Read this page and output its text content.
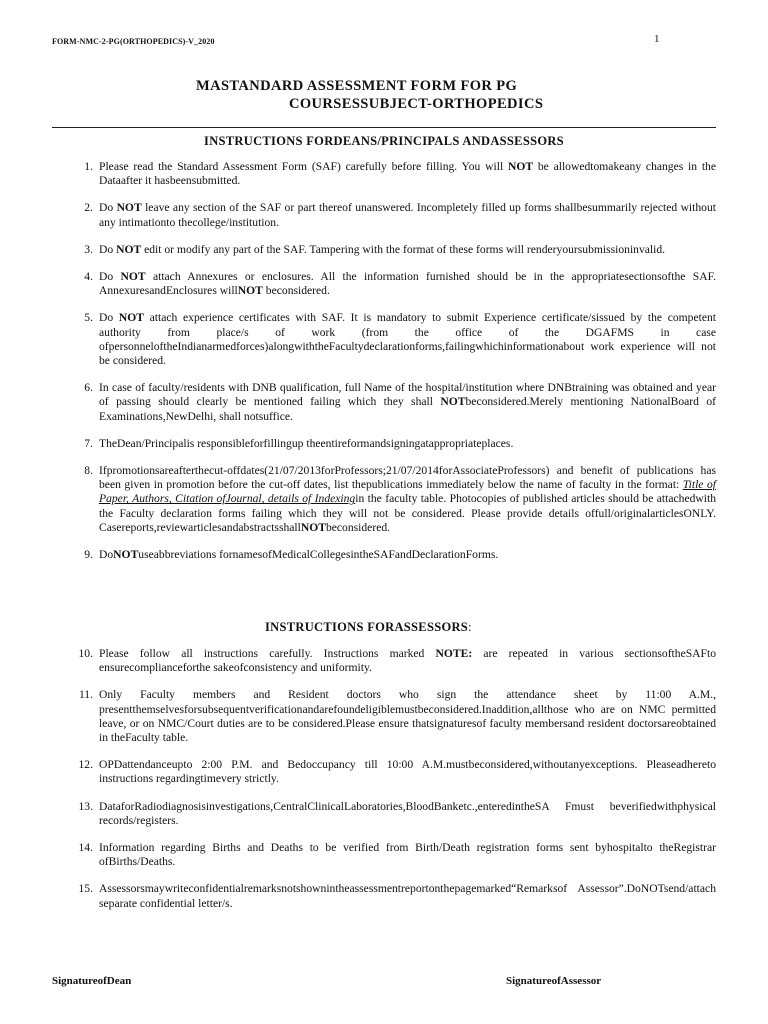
FORM-NMC-2-PG(ORTHOPEDICS)-V_2020	1
MASTANDARD ASSESSMENT FORM FOR PG
COURSESSUBJECT-ORTHOPEDICS
INSTRUCTIONS FORDEANS/PRINCIPALS ANDASSESSORS
1. Please read the Standard Assessment Form (SAF) carefully before filling. You will NOT be allowedtomakeany changes in the Dataafter it hasbeensubmitted.
2. Do NOT leave any section of the SAF or part thereof unanswered. Incompletely filled up forms shallbesummarily rejected without any intimationto thecollege/institution.
3. Do NOT edit or modify any part of the SAF. Tampering with the format of these forms will renderyoursubmissioninvalid.
4. Do NOT attach Annexures or enclosures. All the information furnished should be in the appropriatesectionsofthe SAF. AnnexuresandEnclosures willNOT beconsidered.
5. Do NOT attach experience certificates with SAF. It is mandatory to submit Experience certificate/sissued by the competent authority from place/s of work (from the office of the DGAFMS in case ofpersonneloftheIndianarmedforces)alongwiththeFacultydeclarationforms,failingwhichinformationabout work experience will not be considered.
6. In case of faculty/residents with DNB qualification, full Name of the hospital/institution where DNBtraining was obtained and year of passing should clearly be mentioned failing which they shall NOTbeconsidered.Merely mentioning NationalBoard of Examinations,NewDelhi, shall notsuffice.
7. TheDean/Principalis responsibleforfillingup theentireformandsigningatappropriateplaces.
8. Ifpromotionsareafterthecut-offdates(21/07/2013forProfessors;21/07/2014forAssociateProfessors) and benefit of publications has been given in promotion before the cut-off dates, list thepublications immediately below the name of faculty in the format: Title of Paper, Authors, Citation ofJournal, details of Indexingin the faculty table. Photocopies of published articles should be attachedwith the Faculty declaration forms failing which they will not be considered. Please provide details offull/originalarticlesONLY. Casereports,reviewarticlesandabstractsshallNOTbeconsidered.
9. DoNOTuseabbreviations fornamesofMedicalCollegesintheSAFandDeclarationForms.
INSTRUCTIONS FORASSESSORS:
10. Please follow all instructions carefully. Instructions marked NOTE: are repeated in various sectionsoftheSAFto ensurecomplianceforthe sakeofconsistency and uniformity.
11. Only Faculty members and Resident doctors who sign the attendance sheet by 11:00 A.M., presentthemselvesforsubsequentverificationandarefoundeligiblemustbeconsidered.Inaddition,allthose who are on NMC permitted leave, or on NMC/Court duties are to be considered.Please ensure thatsignaturesof faculty membersand resident doctorsareobtained in theFaculty table.
12. OPDattendanceupto 2:00 P.M. and Bedoccupancy till 10:00 A.M.mustbeconsidered,withoutanyexceptions. Pleaseadhereto instructions regardingtimevery strictly.
13. DataforRadiodiagnosisinvestigations,CentralClinicalLaboratories,BloodBanketc.,enteredintheSA Fmust beverifiedwithphysical records/registers.
14. Information regarding Births and Deaths to be verified from Birth/Death registration forms sent byhospitalto theRegistrar ofBirths/Deaths.
15. Assessorsmaywriteconfidentialremarksnotshownintheassessmentreportonthepagemarked“Remarksof Assessor”.DoNOTsend/attach separate confidential letter/s.
SignatureofDean	SignatureofAssessor
